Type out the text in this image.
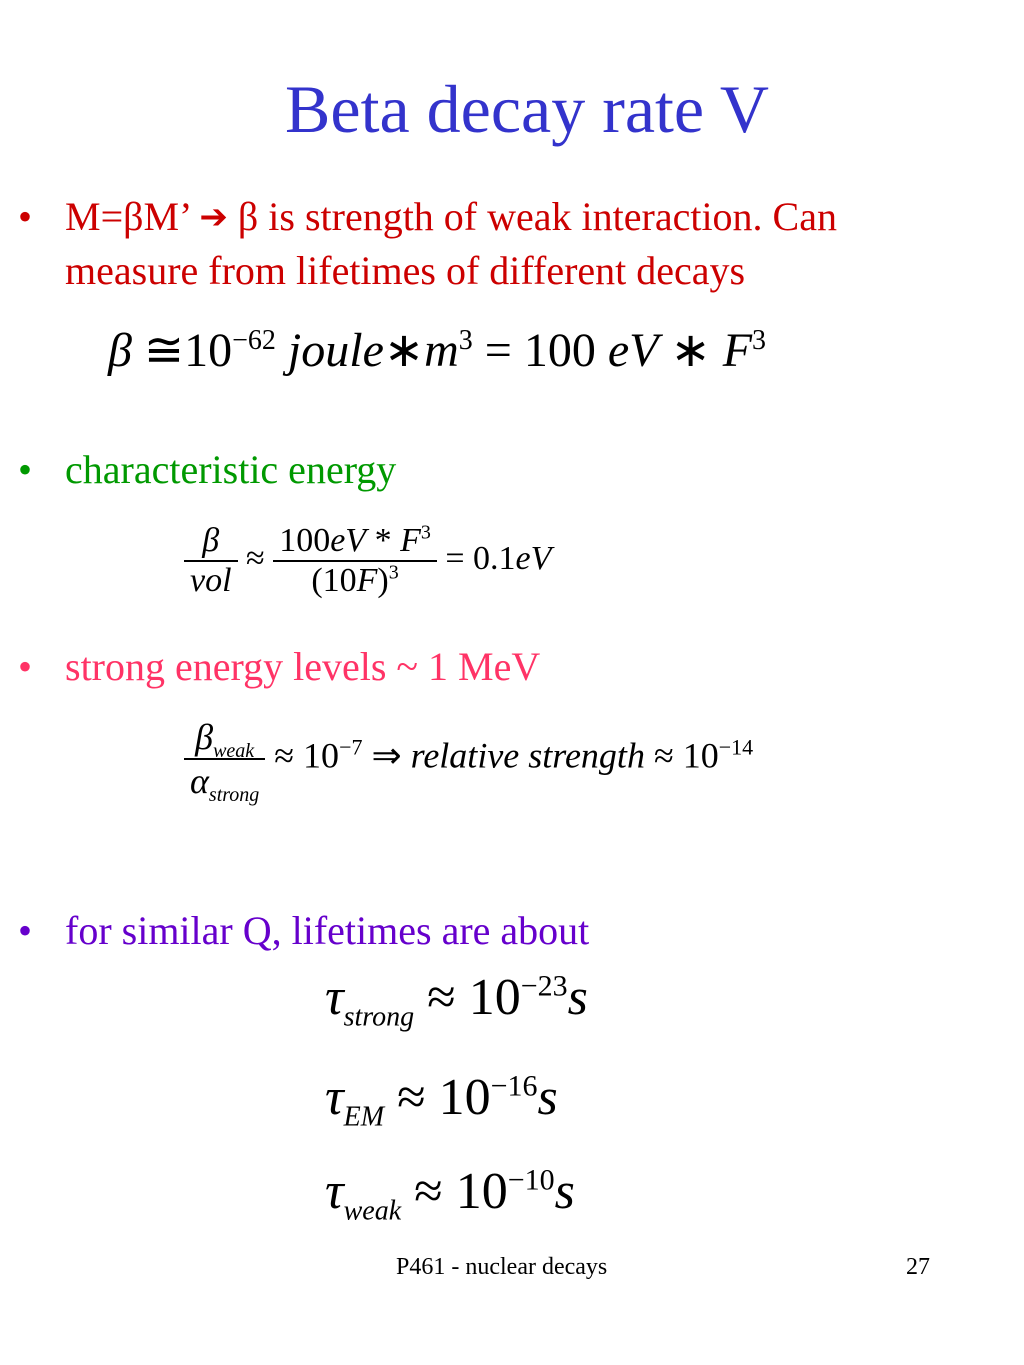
Beta decay rate V
• M=βM’ ➔ β is strength of weak interaction. Can
measure from lifetimes of different decays
β $≅10^{-62}$ $joule∗m^3 = 100$ eV ∗ $F^3$
• characteristic energy
$\frac{\beta}{\text{vol}} \approx \frac{100eV * F^3}{(10F)^3} = 0.1eV$
• strong energy levels ~ 1 MeV
$\frac{\beta_{weak}}{\alpha_{strong}} \approx 10^{-7}$ ⇒ relative strength ≈ $10^{-14}$
• for similar Q, lifetimes are about
$\tau_{strong} \approx 10^{-23}s$
$\tau_{EM} \approx 10^{-16}s$
$\tau_{weak} \approx 10^{-10}s$
P461 - nuclear decays	27
